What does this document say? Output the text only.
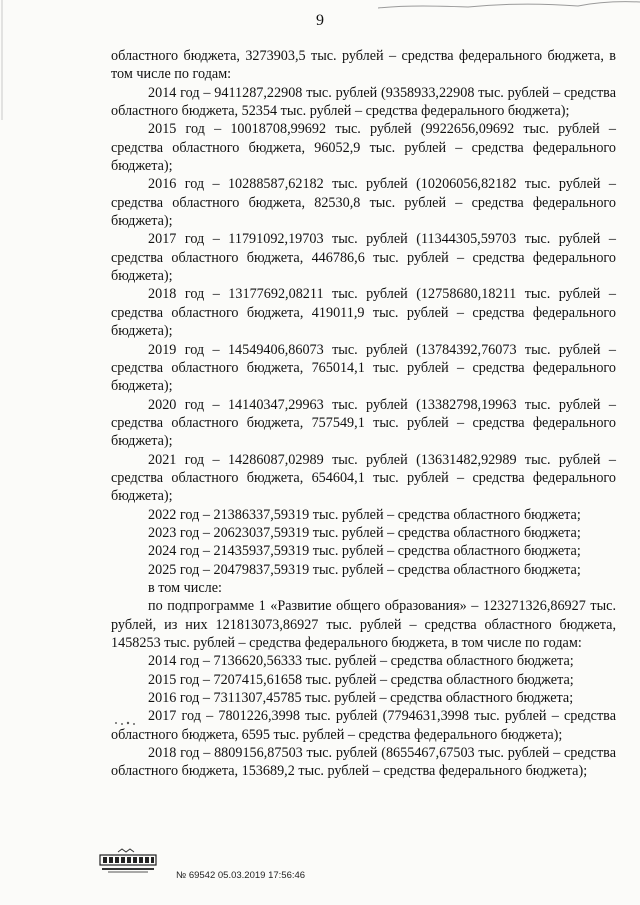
9

областного бюджета, 3273903,5 тыс. рублей – средства федерального бюджета, в том числе по годам:

2014 год – 9411287,22908 тыс. рублей (9358933,22908 тыс. рублей – средства областного бюджета, 52354 тыс. рублей – средства федерального бюджета);

2015 год – 10018708,99692 тыс. рублей (9922656,09692 тыс. рублей – средства областного бюджета, 96052,9 тыс. рублей – средства федерального бюджета);

2016 год – 10288587,62182 тыс. рублей (10206056,82182 тыс. рублей – средства областного бюджета, 82530,8 тыс. рублей – средства федерального бюджета);

2017 год – 11791092,19703 тыс. рублей (11344305,59703 тыс. рублей – средства областного бюджета, 446786,6 тыс. рублей – средства федерального бюджета);

2018 год – 13177692,08211 тыс. рублей (12758680,18211 тыс. рублей – средства областного бюджета, 419011,9 тыс. рублей – средства федерального бюджета);

2019 год – 14549406,86073 тыс. рублей (13784392,76073 тыс. рублей – средства областного бюджета, 765014,1 тыс. рублей – средства федерального бюджета);

2020 год – 14140347,29963 тыс. рублей (13382798,19963 тыс. рублей – средства областного бюджета, 757549,1 тыс. рублей – средства федерального бюджета);

2021 год – 14286087,02989 тыс. рублей (13631482,92989 тыс. рублей – средства областного бюджета, 654604,1 тыс. рублей – средства федерального бюджета);

2022 год – 21386337,59319 тыс. рублей – средства областного бюджета;

2023 год – 20623037,59319 тыс. рублей – средства областного бюджета;

2024 год – 21435937,59319 тыс. рублей – средства областного бюджета;

2025 год – 20479837,59319 тыс. рублей – средства областного бюджета;

в том числе:

по подпрограмме 1 «Развитие общего образования» – 123271326,86927 тыс. рублей, из них 121813073,86927 тыс. рублей – средства областного бюджета, 1458253 тыс. рублей – средства федерального бюджета, в том числе по годам:

2014 год – 7136620,56333 тыс. рублей – средства областного бюджета;

2015 год – 7207415,61658 тыс. рублей – средства областного бюджета;

2016 год – 7311307,45785 тыс. рублей – средства областного бюджета;

2017 год – 7801226,3998 тыс. рублей (7794631,3998 тыс. рублей – средства областного бюджета, 6595 тыс. рублей – средства федерального бюджета);

2018 год – 8809156,87503 тыс. рублей (8655467,67503 тыс. рублей – средства областного бюджета, 153689,2 тыс. рублей – средства федерального бюджета);

№ 69542 05.03.2019 17:56:46
